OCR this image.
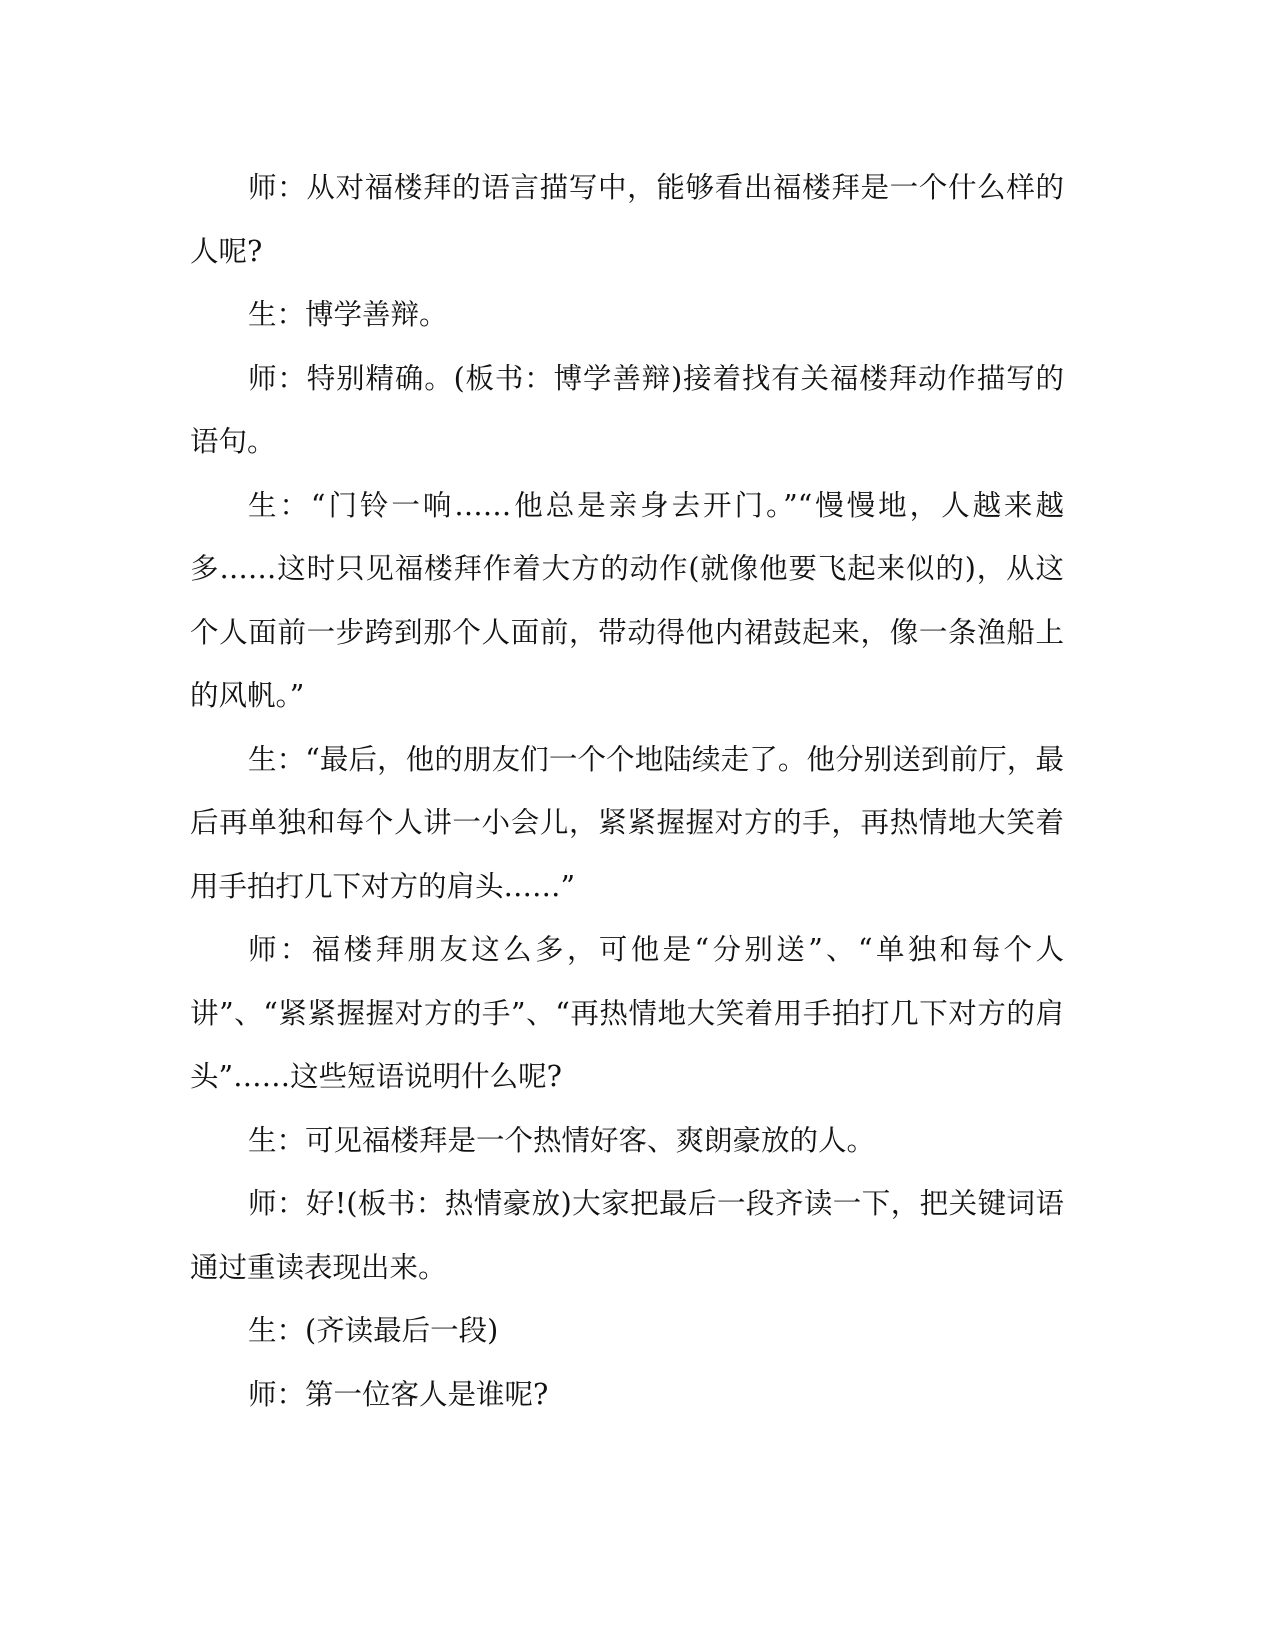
师：从对福楼拜的语言描写中，能够看出福楼拜是一个什么样的人呢?

生：博学善辩。

师：特别精确。(板书：博学善辩)接着找有关福楼拜动作描写的语句。

生：“门铃一响……他总是亲身去开门。”“慢慢地，人越来越多……这时只见福楼拜作着大方的动作(就像他要飞起来似的)，从这个人面前一步跨到那个人面前，带动得他内裙鼓起来，像一条渔船上的风帆。”

生：“最后，他的朋友们一个个地陆续走了。他分别送到前厅，最后再单独和每个人讲一小会儿，紧紧握握对方的手，再热情地大笑着用手拍打几下对方的肩头……”

师：福楼拜朋友这么多，可他是“分别送”、“单独和每个人讲”、“紧紧握握对方的手”、“再热情地大笑着用手拍打几下对方的肩头”……这些短语说明什么呢?

生：可见福楼拜是一个热情好客、爽朗豪放的人。

师：好!(板书：热情豪放)大家把最后一段齐读一下，把关键词语通过重读表现出来。

生：(齐读最后一段)

师：第一位客人是谁呢?
